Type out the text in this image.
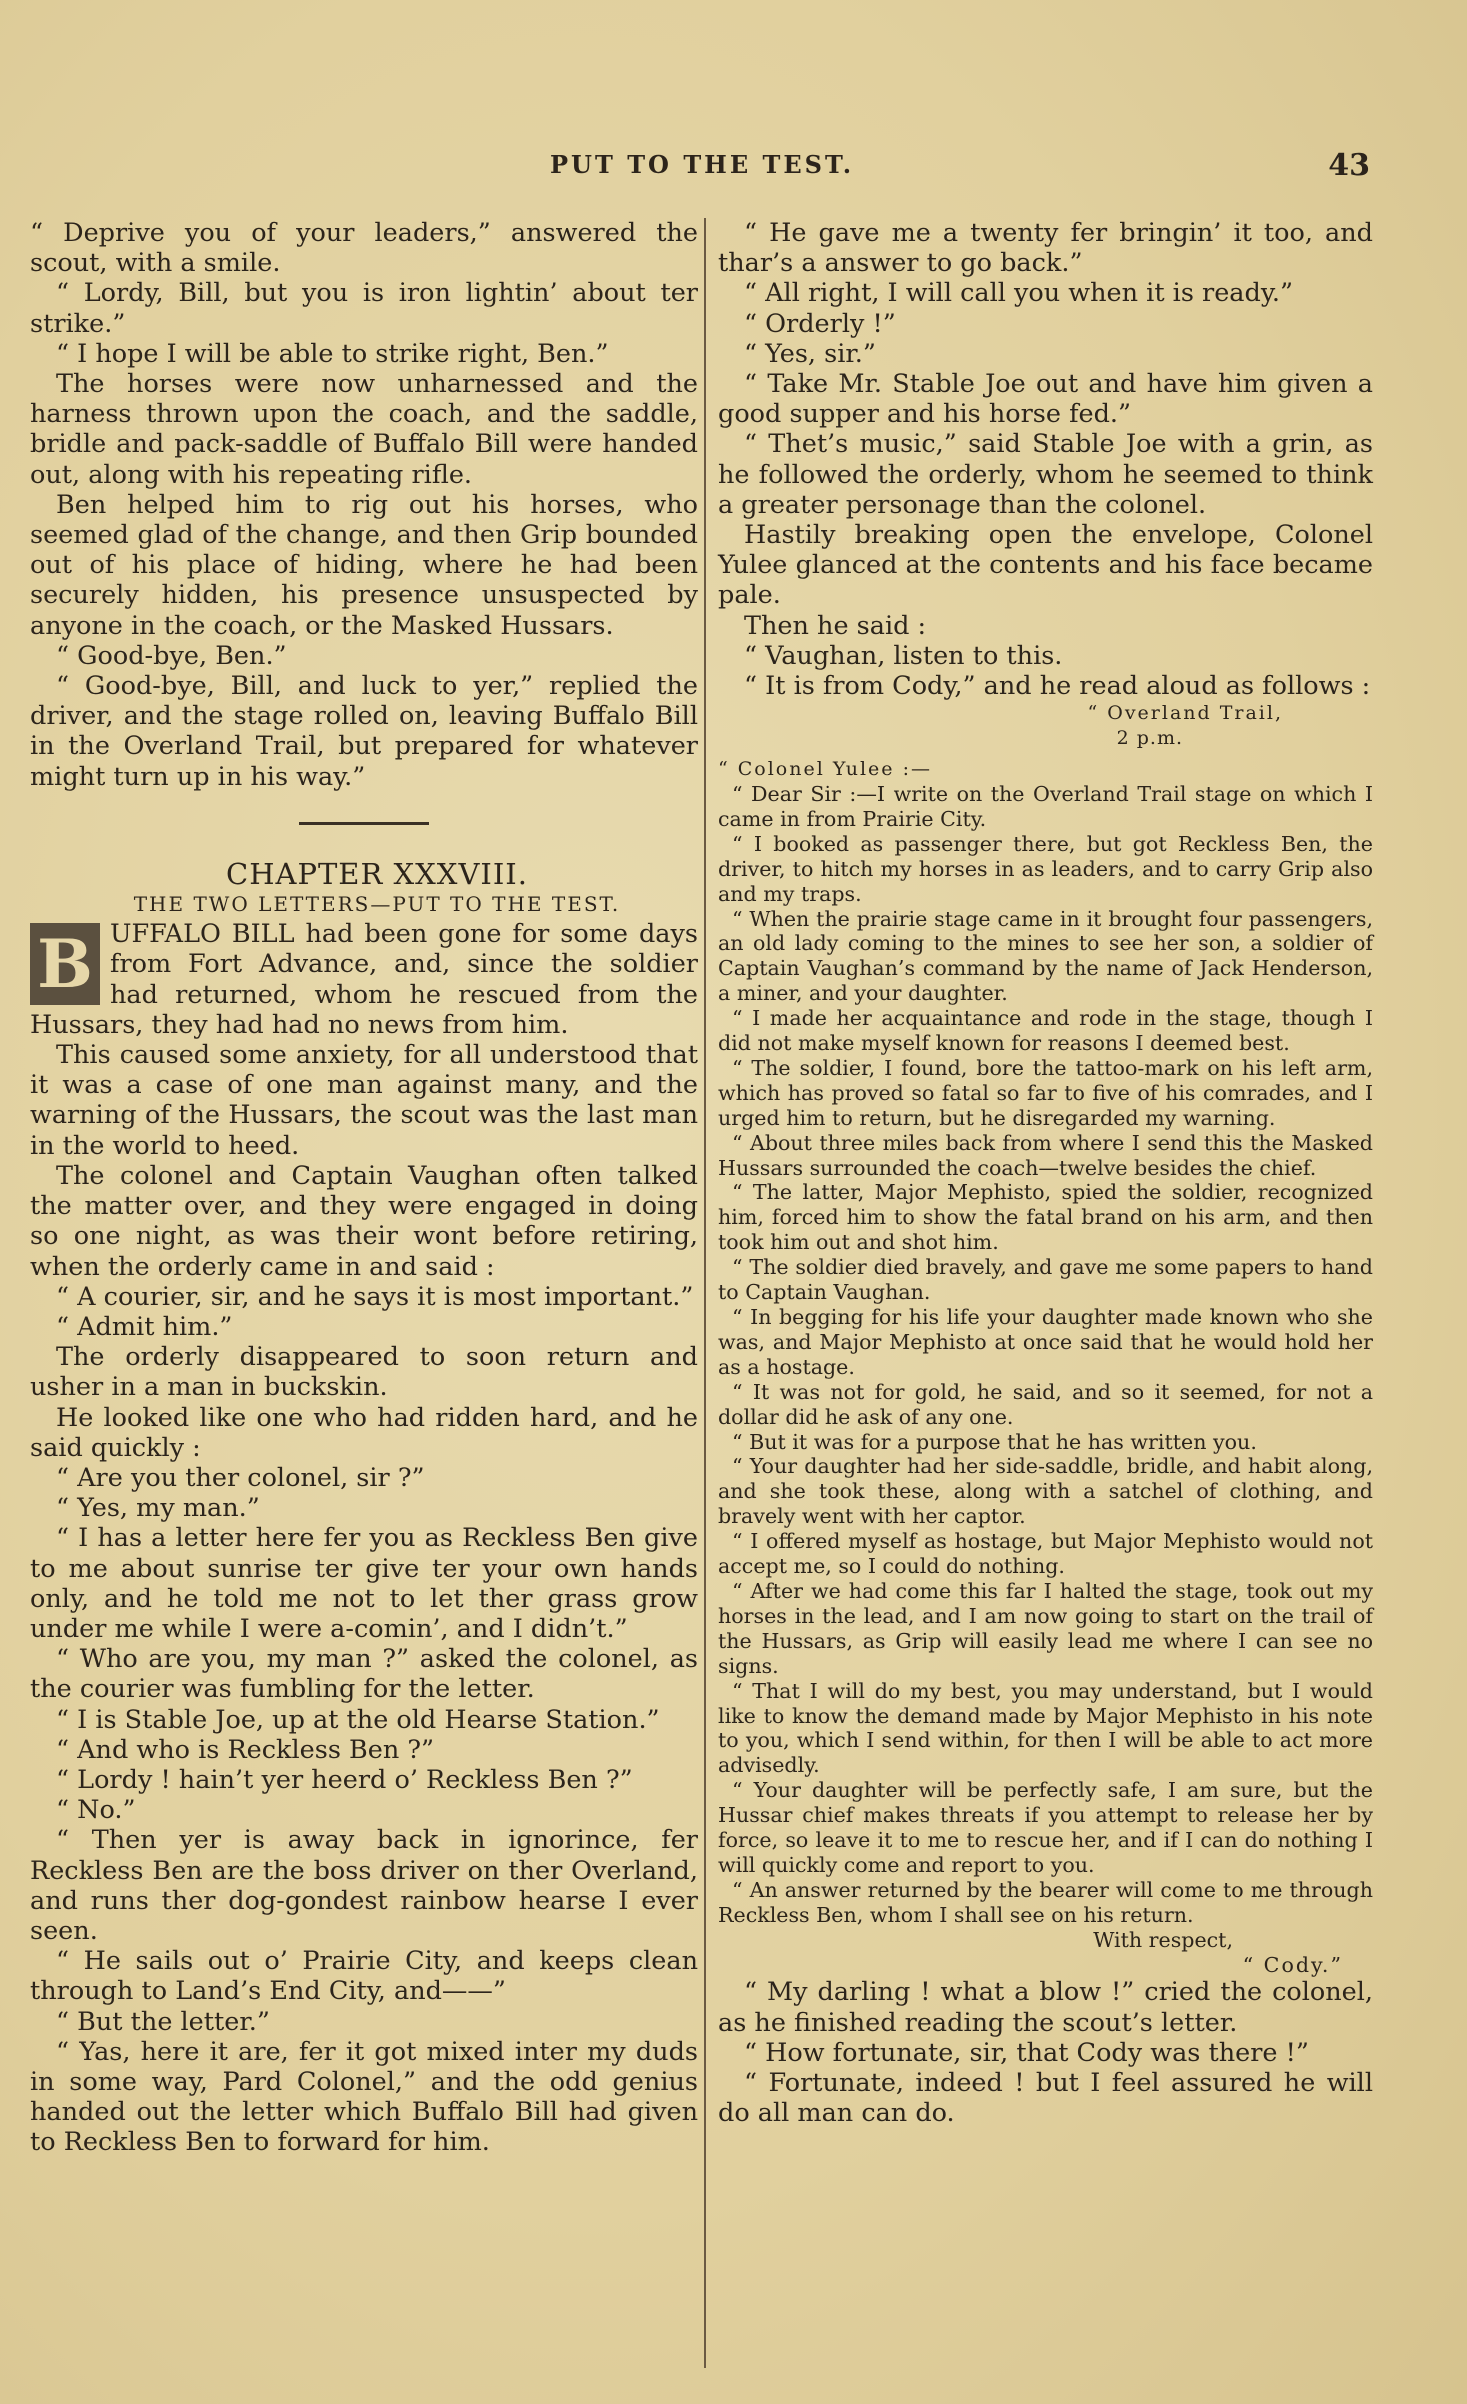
PUT TO THE TEST.	43

“ Deprive you of your leaders,” answered the scout, with a smile.

“ Lordy, Bill, but you is iron lightin’ about ter strike.”

“ I hope I will be able to strike right, Ben.”

The horses were now unharnessed and the harness thrown upon the coach, and the saddle, bridle and pack-saddle of Buffalo Bill were handed out, along with his repeating rifle.

Ben helped him to rig out his horses, who seemed glad of the change, and then Grip bounded out of his place of hiding, where he had been securely hidden, his presence unsuspected by anyone in the coach, or the Masked Hussars.

“ Good-bye, Ben.”

“ Good-bye, Bill, and luck to yer,” replied the driver, and the stage rolled on, leaving Buffalo Bill in the Overland Trail, but prepared for whatever might turn up in his way.”

CHAPTER XXXVIII.

THE TWO LETTERS—PUT TO THE TEST.

B UFFALO BILL had been gone for some days from Fort Advance, and, since the soldier had returned, whom he rescued from the Hussars, they had had no news from him.

This caused some anxiety, for all understood that it was a case of one man against many, and the warning of the Hussars, the scout was the last man in the world to heed.

The colonel and Captain Vaughan often talked the matter over, and they were engaged in doing so one night, as was their wont before retiring, when the orderly came in and said :

“ A courier, sir, and he says it is most important.”

“ Admit him.”

The orderly disappeared to soon return and usher in a man in buckskin.

He looked like one who had ridden hard, and he said quickly :

“ Are you ther colonel, sir ?”

“ Yes, my man.”

“ I has a letter here fer you as Reckless Ben give to me about sunrise ter give ter your own hands only, and he told me not to let ther grass grow under me while I were a-comin’, and I didn’t.”

“ Who are you, my man ?” asked the colonel, as the courier was fumbling for the letter.

“ I is Stable Joe, up at the old Hearse Station.”

“ And who is Reckless Ben ?”

“ Lordy ! hain’t yer heerd o’ Reckless Ben ?”

“ No.”

“ Then yer is away back in ignorince, fer Reckless Ben are the boss driver on ther Overland, and runs ther dog-gondest rainbow hearse I ever seen.

“ He sails out o’ Prairie City, and keeps clean through to Land’s End City, and——”

“ But the letter.”

“ Yas, here it are, fer it got mixed inter my duds in some way, Pard Colonel,” and the odd genius handed out the letter which Buffalo Bill had given to Reckless Ben to forward for him.

“ He gave me a twenty fer bringin’ it too, and thar’s a answer to go back.”

“ All right, I will call you when it is ready.”

“ Orderly !”

“ Yes, sir.”

“ Take Mr. Stable Joe out and have him given a good supper and his horse fed.”

“ Thet’s music,” said Stable Joe with a grin, as he followed the orderly, whom he seemed to think a greater personage than the colonel.

Hastily breaking open the envelope, Colonel Yulee glanced at the contents and his face became pale.

Then he said :

“ Vaughan, listen to this.

“ It is from Cody,” and he read aloud as follows :

“ Overland Trail,

2 p.m.

“ Colonel Yulee :—

“ Dear Sir :—I write on the Overland Trail stage on which I came in from Prairie City.

“ I booked as passenger there, but got Reckless Ben, the driver, to hitch my horses in as leaders, and to carry Grip also and my traps.

“ When the prairie stage came in it brought four passengers, an old lady coming to the mines to see her son, a soldier of Captain Vaughan’s command by the name of Jack Henderson, a miner, and your daughter.

“ I made her acquaintance and rode in the stage, though I did not make myself known for reasons I deemed best.

“ The soldier, I found, bore the tattoo-mark on his left arm, which has proved so fatal so far to five of his comrades, and I urged him to return, but he disregarded my warning.

“ About three miles back from where I send this the Masked Hussars surrounded the coach—twelve besides the chief.

“ The latter, Major Mephisto, spied the soldier, recognized him, forced him to show the fatal brand on his arm, and then took him out and shot him.

“ The soldier died bravely, and gave me some papers to hand to Captain Vaughan.

“ In begging for his life your daughter made known who she was, and Major Mephisto at once said that he would hold her as a hostage.

“ It was not for gold, he said, and so it seemed, for not a dollar did he ask of any one.

“ But it was for a purpose that he has written you.

“ Your daughter had her side-saddle, bridle, and habit along, and she took these, along with a satchel of clothing, and bravely went with her captor.

“ I offered myself as hostage, but Major Mephisto would not accept me, so I could do nothing.

“ After we had come this far I halted the stage, took out my horses in the lead, and I am now going to start on the trail of the Hussars, as Grip will easily lead me where I can see no signs.

“ That I will do my best, you may understand, but I would like to know the demand made by Major Mephisto in his note to you, which I send within, for then I will be able to act more advisedly.

“ Your daughter will be perfectly safe, I am sure, but the Hussar chief makes threats if you attempt to release her by force, so leave it to me to rescue her, and if I can do nothing I will quickly come and report to you.

“ An answer returned by the bearer will come to me through Reckless Ben, whom I shall see on his return.

With respect,

“ Cody.”

“ My darling ! what a blow !” cried the colonel, as he finished reading the scout’s letter.

“ How fortunate, sir, that Cody was there !”

“ Fortunate, indeed ! but I feel assured he will do all man can do.
